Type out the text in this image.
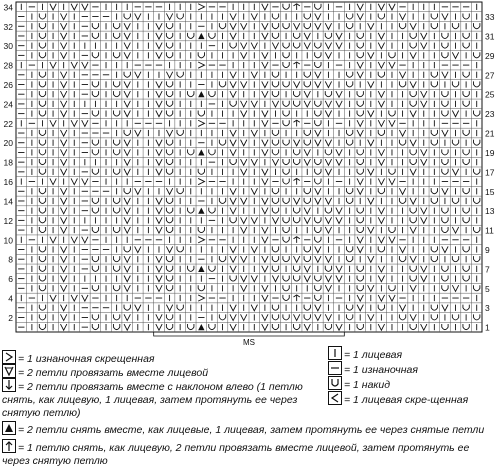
1
3
5
7
9
11
13
15
17
19
21
23
25
27
29
31
33
2
4
6
8
10
12
14
16
18
20
22
24
26
28
30
32
34
MS
= 1 изнаночная скрещенная
= 2 петли провязать вместе лицевой
= 2 петли провязать вместе с наклоном влево (1 петлю снять, как лицевую, 1 лицевая, затем протянуть ее через снятую петлю)
= 2 петли снять вместе, как лицевые, 1 лицевая, затем протянуть ее через снятые петли
= 1 петлю снять, как лицевую, 2 петли провязать вместе лицевой, затем протянуть ее через снятую петлю
= 1 лицевая
= 1 изнаночная
= 1 накид
= 1 лицевая скре-щенная
